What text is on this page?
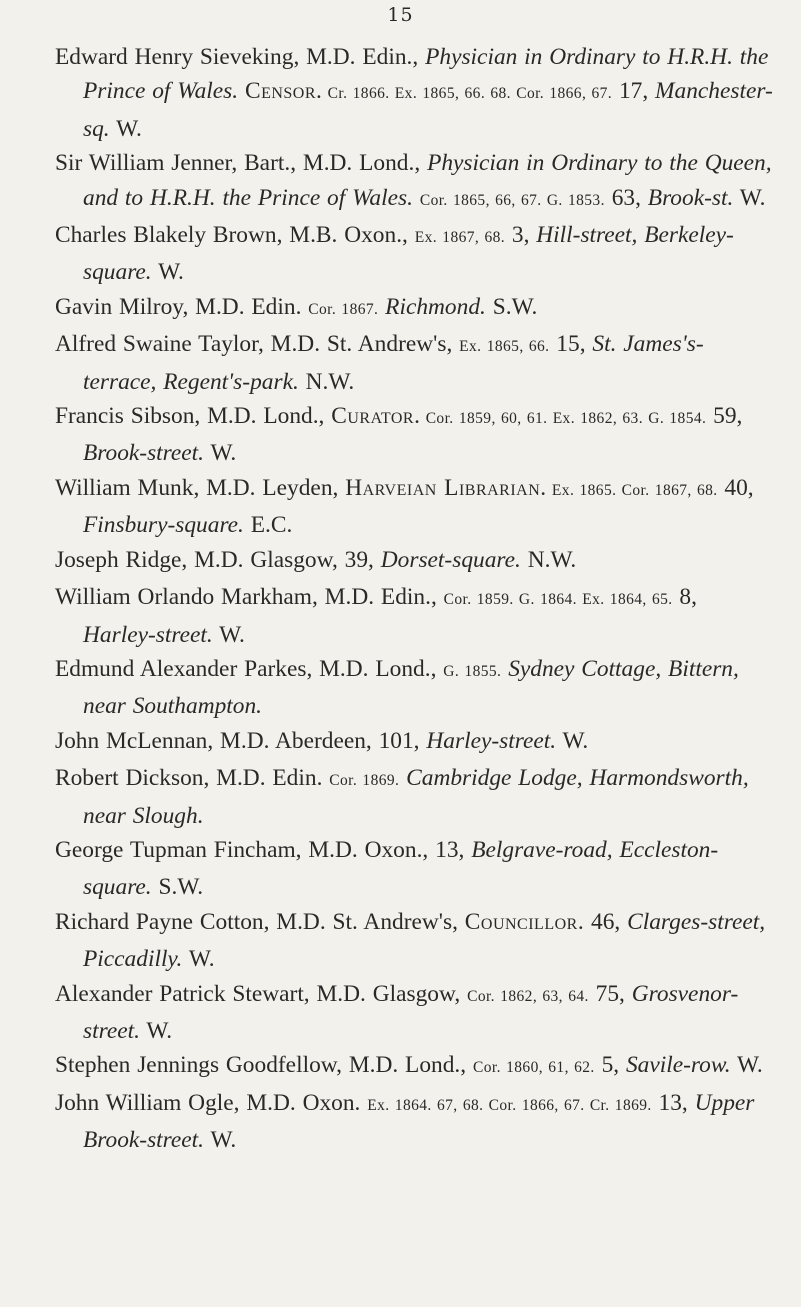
15
Edward Henry Sieveking, M.D. Edin., Physician in Ordinary to H.R.H. the Prince of Wales. Censor. Cr. 1866. Ex. 1865, 66. 68. Cor. 1866, 67. 17, Manchester-sq. W.
Sir William Jenner, Bart., M.D. Lond., Physician in Ordinary to the Queen, and to H.R.H. the Prince of Wales. Cor. 1865, 66, 67. G. 1853. 63, Brook-st. W.
Charles Blakely Brown, M.B. Oxon., Ex. 1867, 68. 3, Hill-street, Berkeley-square. W.
Gavin Milroy, M.D. Edin. Cor. 1867. Richmond. S.W.
Alfred Swaine Taylor, M.D. St. Andrew's, Ex. 1865, 66. 15, St. James's-terrace, Regent's-park. N.W.
Francis Sibson, M.D. Lond., Curator. Cor. 1859, 60, 61. Ex. 1862, 63. G. 1854. 59, Brook-street. W.
William Munk, M.D. Leyden, Harveian Librarian. Ex. 1865. Cor. 1867, 68. 40, Finsbury-square. E.C.
Joseph Ridge, M.D. Glasgow, 39, Dorset-square. N.W.
William Orlando Markham, M.D. Edin., Cor. 1859. G. 1864. Ex. 1864, 65. 8, Harley-street. W.
Edmund Alexander Parkes, M.D. Lond., G. 1855. Sydney Cottage, Bittern, near Southampton.
John McLennan, M.D. Aberdeen, 101, Harley-street. W.
Robert Dickson, M.D. Edin. Cor. 1869. Cambridge Lodge, Harmondsworth, near Slough.
George Tupman Fincham, M.D. Oxon., 13, Belgrave-road, Eccleston-square. S.W.
Richard Payne Cotton, M.D. St. Andrew's, Councillor. 46, Clarges-street, Piccadilly. W.
Alexander Patrick Stewart, M.D. Glasgow, Cor. 1862, 63, 64. 75, Grosvenor-street. W.
Stephen Jennings Goodfellow, M.D. Lond., Cor. 1860, 61, 62. 5, Savile-row. W.
John William Ogle, M.D. Oxon. Ex. 1864. 67, 68. Cor. 1866, 67. Cr. 1869. 13, Upper Brook-street. W.
